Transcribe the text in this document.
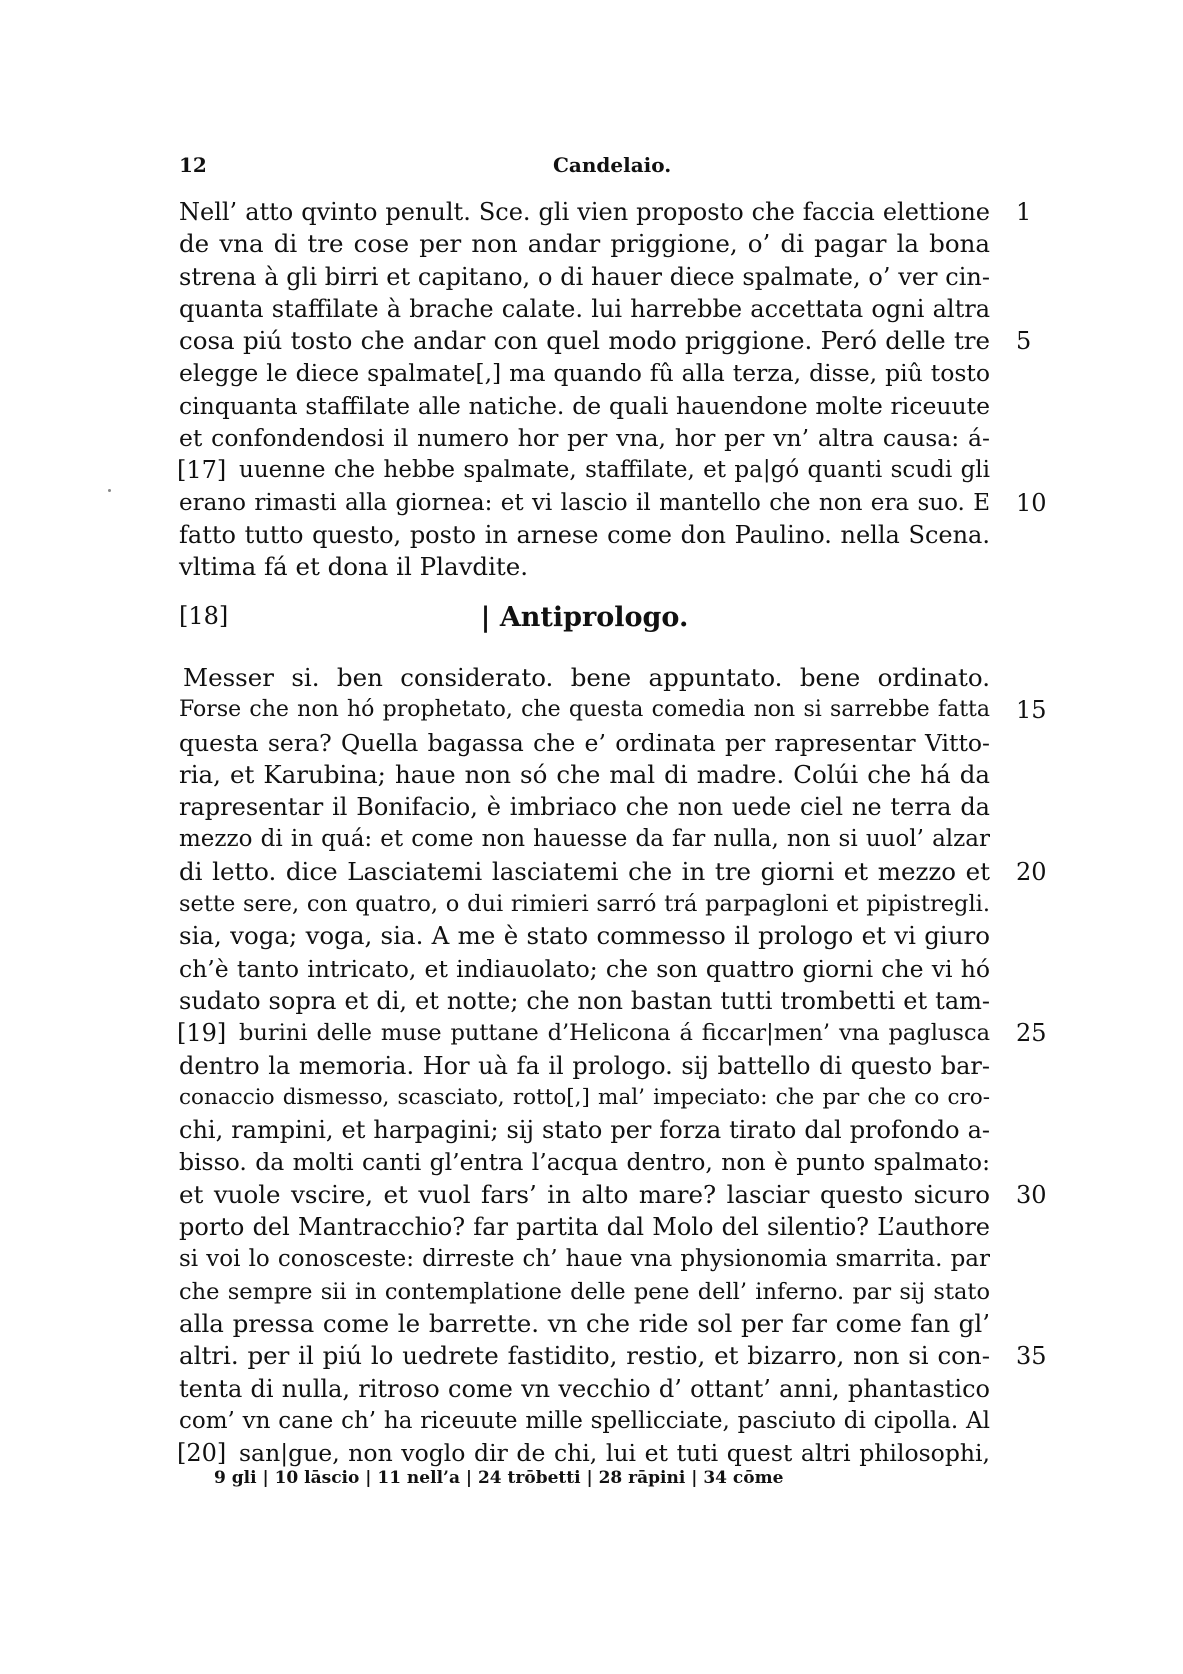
12	Candelaio.
Nell’ atto qvinto penult. Sce. gli vien proposto che faccia elettione 1
de vna di tre cose per non andar priggione, o’ di pagar la bona
strena à gli birri et capitano, o di hauer diece spalmate, o’ ver cin-
quanta staffilate à brache calate. lui harrebbe accettata ogni altra
cosa piú tosto che andar con quel modo priggione. Peró delle tre 5
elegge le diece spalmate[,] ma quando fû alla terza, disse, piû tosto
cinquanta staffilate alle natiche. de quali hauendone molte riceuute
et confondendosi il numero hor per vna, hor per vn’ altra causa: á-
[17] uuenne che hebbe spalmate, staffilate, et pa|gó quanti scudi gli
erano rimasti alla giornea: et vi lascio il mantello che non era suo. E 10
fatto tutto questo, posto in arnese come don Paulino. nella Scena.
vltima fá et dona il Plavdite.
[18]	| Antiprologo.
Messer si. ben considerato. bene appuntato. bene ordinato.
Forse che non hó prophetato, che questa comedia non si sarrebbe fatta 15
questa sera? Quella bagassa che e’ ordinata per rapresentar Vitto-
ria, et Karubina; haue non só che mal di madre. Colúi che há da
rapresentar il Bonifacio, è imbriaco che non uede ciel ne terra da
mezzo di in quá: et come non hauesse da far nulla, non si uuol’ alzar
di letto. dice Lasciatemi lasciatemi che in tre giorni et mezzo et 20
sette sere, con quatro, o dui rimieri sarró trá parpagloni et pipistregli.
sia, voga; voga, sia. A me è stato commesso il prologo et vi giuro
ch’è tanto intricato, et indiauolato; che son quattro giorni che vi hó
sudato sopra et di, et notte; che non bastan tutti trombetti et tam-
[19] burini delle muse puttane d’Helicona á ficcar|men’ vna paglusca 25
dentro la memoria. Hor uà fa il prologo. sij battello di questo bar-
conaccio dismesso, scasciato, rotto[,] mal’ impeciato: che par che co cro-
chi, rampini, et harpagini; sij stato per forza tirato dal profondo a-
bisso. da molti canti gl’entra l’acqua dentro, non è punto spalmato:
et vuole vscire, et vuol fars’ in alto mare? lasciar questo sicuro 30
porto del Mantracchio? far partita dal Molo del silentio? L’authore
si voi lo conosceste: dirreste ch’ haue vna physionomia smarrita. par
che sempre sii in contemplatione delle pene dell’ inferno. par sij stato
alla pressa come le barrette. vn che ride sol per far come fan gl’
altri. per il piú lo uedrete fastidito, restio, et bizarro, non si con- 35
tenta di nulla, ritroso come vn vecchio d’ ottant’ anni, phantastico
com’ vn cane ch’ ha riceuute mille spellicciate, pasciuto di cipolla. Al
[20] san|gue, non voglo dir de chi, lui et tuti quest altri philosophi,
9 gli | 10 lāscio | 11 nell’a | 24 trōbetti | 28 rāpini | 34 cōme
